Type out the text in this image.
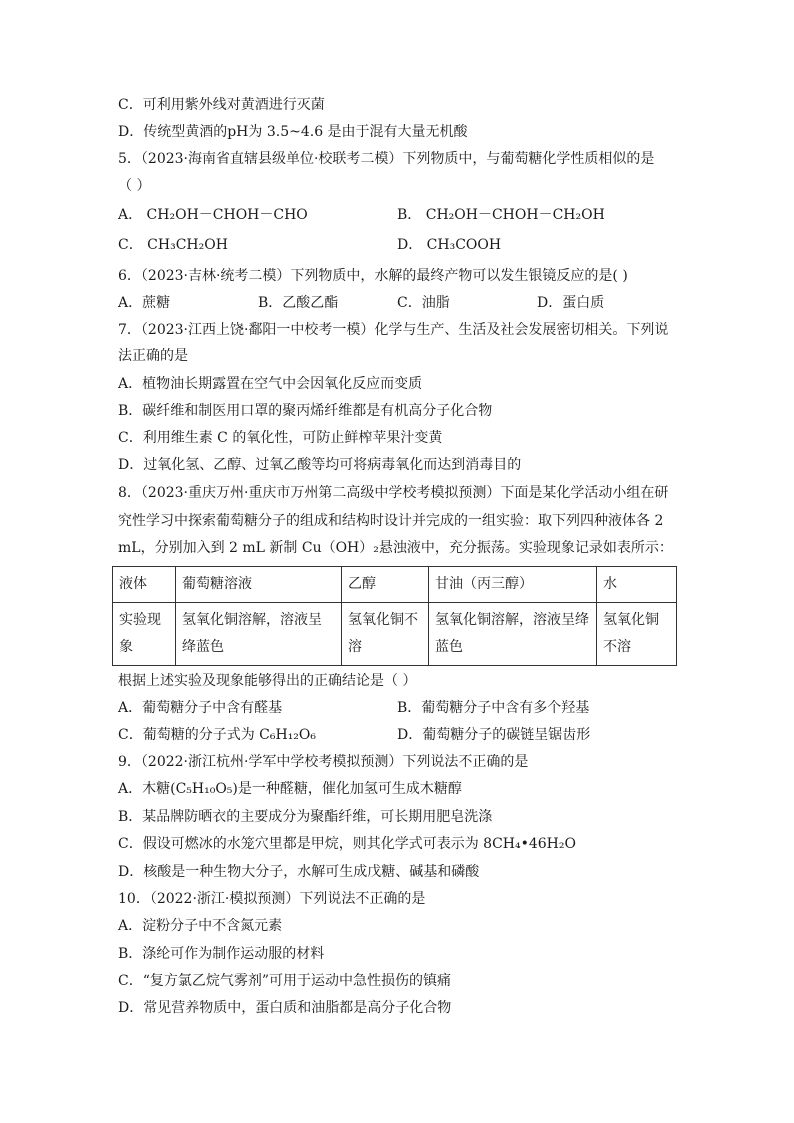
C．可利用紫外线对黄酒进行灭菌
D．传统型黄酒的pH为 3.5~4.6 是由于混有大量无机酸
5．（2023·海南省直辖县级单位·校联考二模）下列物质中，与葡萄糖化学性质相似的是
（ ）
A． CH₂OH－CHOH－CHO	B． CH₂OH－CHOH－CH₂OH
C． CH₃CH₂OH	D． CH₃COOH
6．（2023·吉林·统考二模）下列物质中，水解的最终产物可以发生银镜反应的是( )
A．蔗糖	B．乙酸乙酯	C．油脂	D．蛋白质
7．（2023·江西上饶·鄱阳一中校考一模）化学与生产、生活及社会发展密切相关。下列说
法正确的是
A．植物油长期露置在空气中会因氧化反应而变质
B．碳纤维和制医用口罩的聚丙烯纤维都是有机高分子化合物
C．利用维生素 C 的氧化性，可防止鲜榨苹果汁变黄
D．过氧化氢、乙醇、过氧乙酸等均可将病毒氧化而达到消毒目的
8．（2023·重庆万州·重庆市万州第二高级中学校考模拟预测）下面是某化学活动小组在研
究性学习中探索葡萄糖分子的组成和结构时设计并完成的一组实验：取下列四种液体各 2
mL，分别加入到 2 mL 新制 Cu（OH）₂悬浊液中，充分振荡。实验现象记录如表所示：
液体	葡萄糖溶液	乙醇	甘油（丙三醇）	水
实验现象	氢氧化铜溶解，溶液呈绛蓝色	氢氧化铜不溶	氢氧化铜溶解，溶液呈绛蓝色	氢氧化铜不溶
根据上述实验及现象能够得出的正确结论是（ ）
A．葡萄糖分子中含有醛基	B．葡萄糖分子中含有多个羟基
C．葡萄糖的分子式为 C₆H₁₂O₆	D．葡萄糖分子的碳链呈锯齿形
9．（2022·浙江杭州·学军中学校考模拟预测）下列说法不正确的是
A．木糖(C₅H₁₀O₅)是一种醛糖，催化加氢可生成木糖醇
B．某品牌防晒衣的主要成分为聚酯纤维，可长期用肥皂洗涤
C．假设可燃冰的水笼穴里都是甲烷，则其化学式可表示为 8CH₄•46H₂O
D．核酸是一种生物大分子，水解可生成戊糖、碱基和磷酸
10．（2022·浙江·模拟预测）下列说法不正确的是
A．淀粉分子中不含氮元素
B．涤纶可作为制作运动服的材料
C．“复方氯乙烷气雾剂”可用于运动中急性损伤的镇痛
D．常见营养物质中，蛋白质和油脂都是高分子化合物
